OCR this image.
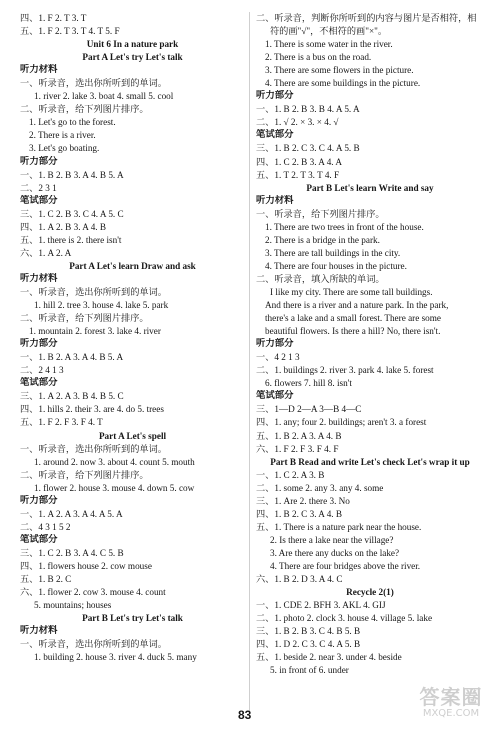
四、1. F 2. T 3. T
五、1. F 2. T 3. T 4. T 5. F
Unit 6 In a nature park
Part A Let's try Let's talk
听力材料
一、听录音，选出你所听到的单词。
1. river 2. lake 3. boat 4. small 5. cool
二、听录音，给下列图片排序。
1. Let's go to the forest.
2. There is a river.
3. Let's go boating.
听力部分
一、1. B 2. B 3. A 4. B 5. A
二、2 3 1
笔试部分
三、1. C 2. B 3. C 4. A 5. C
四、1. A 2. B 3. A 4. B
五、1. there is 2. there isn't
六、1. A 2. A
Part A Let's learn Draw and ask
听力材料
一、听录音，选出你所听到的单词。
1. hill 2. tree 3. house 4. lake 5. park
二、听录音，给下列图片排序。
1. mountain 2. forest 3. lake 4. river
听力部分
一、1. B 2. A 3. A 4. B 5. A
二、2 4 1 3
笔试部分
三、1. A 2. A 3. B 4. B 5. C
四、1. hills 2. their 3. are 4. do 5. trees
五、1. F 2. F 3. F 4. T
Part A Let's spell
一、听录音，选出你所听到的单词。
1. around 2. now 3. about 4. count 5. mouth
二、听录音，给下列图片排序。
1. flower 2. house 3. mouse 4. down 5. cow
听力部分
一、1. A 2. A 3. A 4. A 5. A
二、4 3 1 5 2
笔试部分
三、1. C 2. B 3. A 4. C 5. B
四、1. flowers house 2. cow mouse
五、1. B 2. C
六、1. flower 2. cow 3. mouse 4. count
5. mountains; houses
Part B Let's try Let's talk
听力材料
一、听录音，选出你所听到的单词。
1. building 2. house 3. river 4. duck 5. many
二、听录音，判断你所听到的内容与图片是否相符，相
符的画"√"，不相符的画"×"。
1. There is some water in the river.
2. There is a bus on the road.
3. There are some flowers in the picture.
4. There are some buildings in the picture.
听力部分
一、1. B 2. B 3. B 4. A 5. A
二、1. √ 2. × 3. × 4. √
笔试部分
三、1. B 2. C 3. C 4. A 5. B
四、1. C 2. B 3. A 4. A
五、1. T 2. T 3. T 4. F
Part B Let's learn Write and say
听力材料
一、听录音，给下列图片排序。
1. There are two trees in front of the house.
2. There is a bridge in the park.
3. There are tall buildings in the city.
4. There are four houses in the picture.
二、听录音，填入所缺的单词。
I like my city. There are some tall buildings.
And there is a river and a nature park. In the park,
there's a lake and a small forest. There are some
beautiful flowers. Is there a hill? No, there isn't.
听力部分
一、4 2 1 3
二、1. buildings 2. river 3. park 4. lake 5. forest
6. flowers 7. hill 8. isn't
笔试部分
三、1—D 2—A 3—B 4—C
四、1. any; four 2. buildings; aren't 3. a forest
五、1. B 2. A 3. A 4. B
六、1. F 2. F 3. F 4. F
Part B Read and write Let's check Let's wrap it up
一、1. C 2. A 3. B
二、1. some 2. any 3. any 4. some
三、1. Are 2. there 3. No
四、1. B 2. C 3. A 4. B
五、1. There is a nature park near the house.
2. Is there a lake near the village?
3. Are there any ducks on the lake?
4. There are four bridges above the river.
六、1. B 2. D 3. A 4. C
Recycle 2(1)
一、1. CDE 2. BFH 3. AKL 4. GIJ
二、1. photo 2. clock 3. house 4. village 5. lake
三、1. B 2. B 3. C 4. B 5. B
四、1. D 2. C 3. C 4. A 5. B
五、1. beside 2. near 3. under 4. beside
5. in front of 6. under
83
答案圈
MXQE.COM
